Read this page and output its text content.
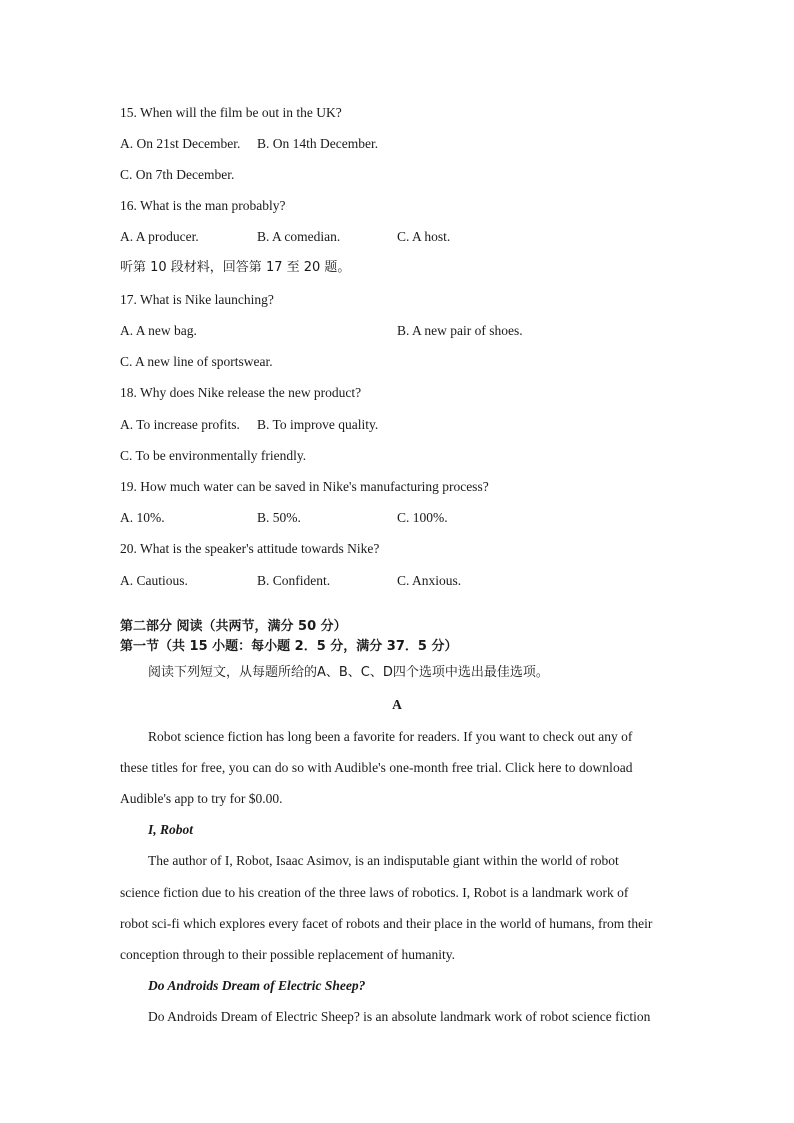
15. When will the film be out in the UK?
A. On 21st December. B. On 14th December.
C. On 7th December.
16. What is the man probably?
A. A producer.	B. A comedian.	C. A host.
听第 10 段材料，回答第 17 至 20 题。
17. What is Nike launching?
A. A new bag.	B. A new pair of shoes.
C. A new line of sportswear.
18. Why does Nike release the new product?
A. To increase profits. B. To improve quality.
C. To be environmentally friendly.
19. How much water can be saved in Nike's manufacturing process?
A. 10%.	B. 50%.	C. 100%.
20. What is the speaker's attitude towards Nike?
A. Cautious.	B. Confident.	C. Anxious.
第二部分 阅读（共两节，满分 50 分）
第一节（共 15 小题：每小题 2．5 分，满分 37．5 分）
阅读下列短文，从每题所给的A、B、C、D四个选项中选出最佳选项。
A
Robot science fiction has long been a favorite for readers. If you want to check out any of
these titles for free, you can do so with Audible's one-month free trial. Click here to download
Audible's app to try for $0.00.
I, Robot
The author of I, Robot, Isaac Asimov, is an indisputable giant within the world of robot
science fiction due to his creation of the three laws of robotics. I, Robot is a landmark work of
robot sci-fi which explores every facet of robots and their place in the world of humans, from their
conception through to their possible replacement of humanity.
Do Androids Dream of Electric Sheep?
Do Androids Dream of Electric Sheep? is an absolute landmark work of robot science fiction
